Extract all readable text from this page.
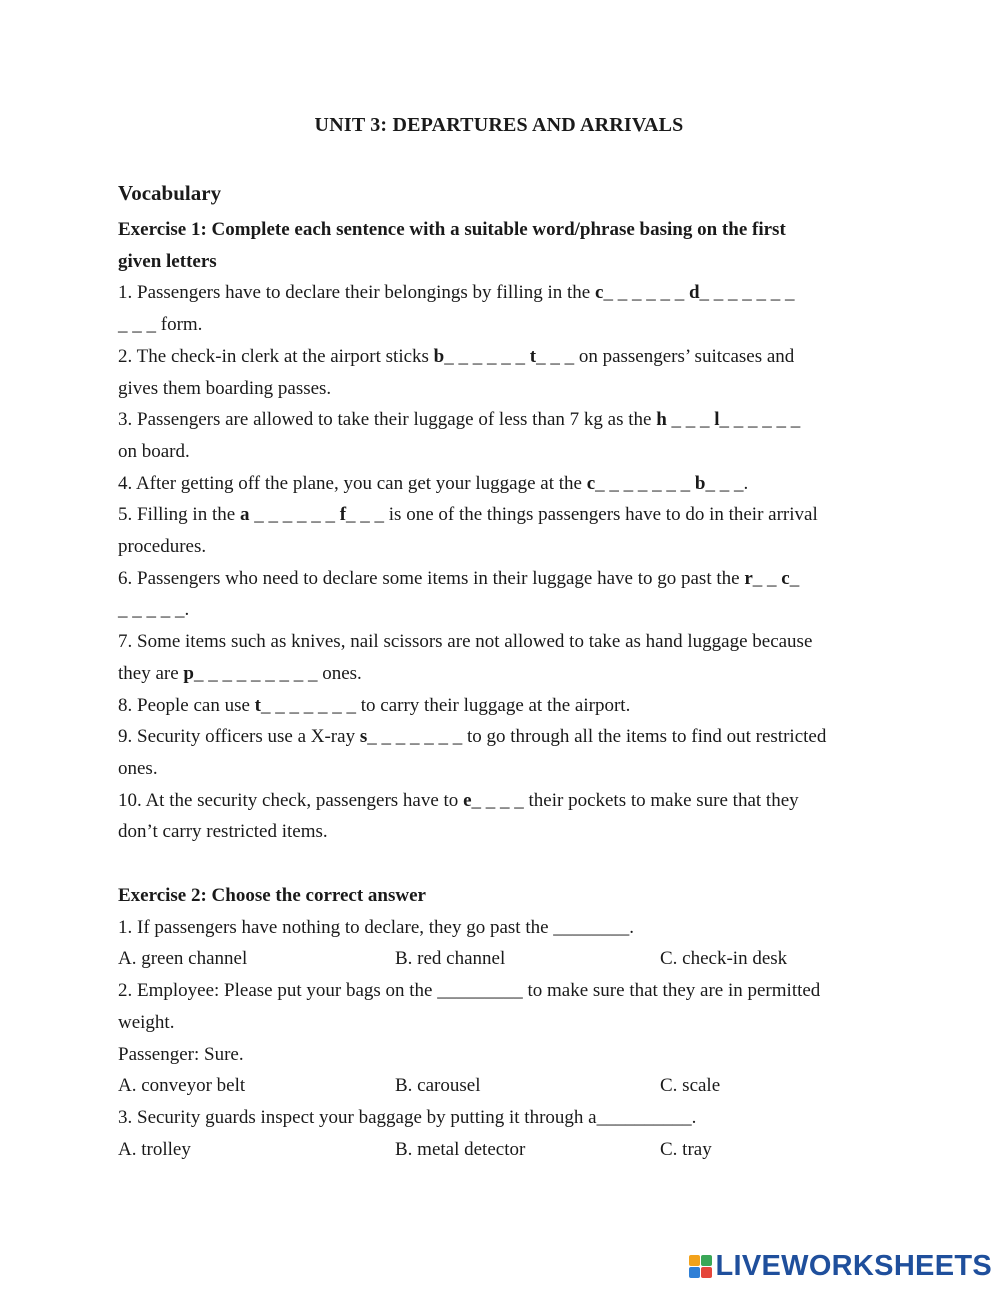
UNIT 3: DEPARTURES AND ARRIVALS

Vocabulary

Exercise 1: Complete each sentence with a suitable word/phrase basing on the first

given letters

1. Passengers have to declare their belongings by filling in the c_ _ _ _ _ _ d_ _ _ _ _ _ _

_ _ _ form.

2. The check-in clerk at the airport sticks b_ _ _ _ _ _ t_ _ _ on passengers’ suitcases and

gives them boarding passes.

3. Passengers are allowed to take their luggage of less than 7 kg as the h _ _ _ l_ _ _ _ _ _

on board.

4. After getting off the plane, you can get your luggage at the c_ _ _ _ _ _ _ b_ _ _.

5. Filling in the a _ _ _ _ _ _ f_ _ _ is one of the things passengers have to do in their arrival

procedures.

6. Passengers who need to declare some items in their luggage have to go past the r_ _ c_

_ _ _ _ _.

7. Some items such as knives, nail scissors are not allowed to take as hand luggage because

they are p_ _ _ _ _ _ _ _ _ ones.

8. People can use t_ _ _ _ _ _ _ to carry their luggage at the airport.

9. Security officers use a X-ray s_ _ _ _ _ _ _ to go through all the items to find out restricted

ones.

10. At the security check, passengers have to e_ _ _ _ their pockets to make sure that they

don’t carry restricted items.

Exercise 2: Choose the correct answer

1. If passengers have nothing to declare, they go past the ________.

A. green channel	B. red channel	C. check-in desk

2. Employee: Please put your bags on the _________ to make sure that they are in permitted

weight.

Passenger: Sure.

A. conveyor belt	B. carousel	C. scale

3. Security guards inspect your baggage by putting it through a__________.

A. trolley	B. metal detector	C. tray
LIVEWORKSHEETS
